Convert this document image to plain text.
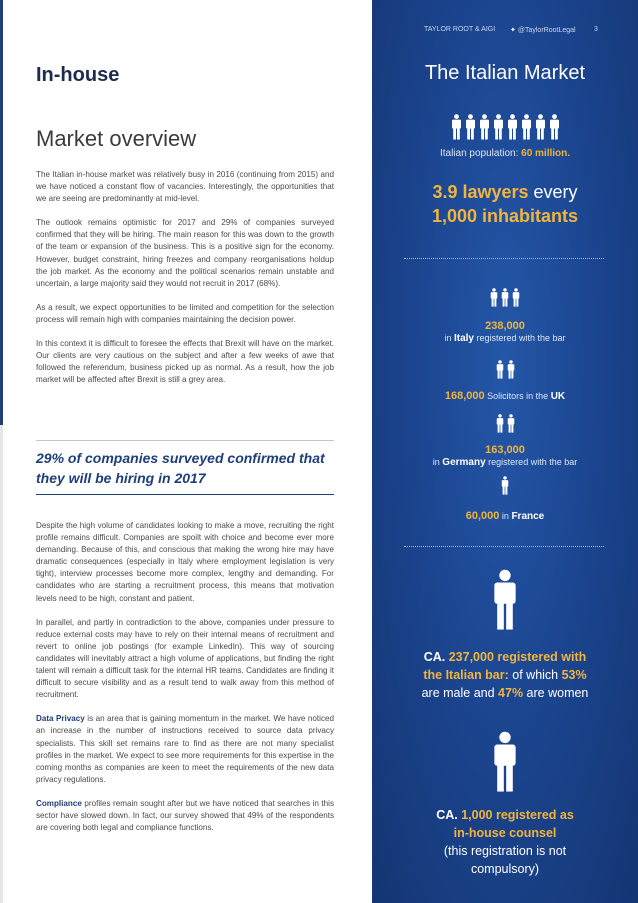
In-house
Market overview

The Italian in-house market was relatively busy in 2016 (continuing from 2015) and we have noticed a constant flow of vacancies. Interestingly, the opportunities that we are seeing are predominantly at mid-level.

The outlook remains optimistic for 2017 and 29% of companies surveyed confirmed that they will be hiring. The main reason for this was down to the growth of the team or expansion of the business. This is a positive sign for the economy. However, budget constraint, hiring freezes and company reorganisations holdup the job market. As the economy and the political scenarios remain unstable and uncertain, a large majority said they would not recruit in 2017 (68%).

As a result, we expect opportunities to be limited and competition for the selection process will remain high with companies maintaining the decision power.

In this context it is difficult to foresee the effects that Brexit will have on the market. Our clients are very cautious on the subject and after a few weeks of awe that followed the referendum, business picked up as normal. As a result, how the job market will be affected after Brexit is still a grey area.

29% of companies surveyed confirmed that they will be hiring in 2017

Despite the high volume of candidates looking to make a move, recruiting the right profile remains difficult. Companies are spoilt with choice and become ever more demanding. Because of this, and conscious that making the wrong hire may have dramatic consequences (especially in Italy where employment legislation is very tight), interview processes become more complex, lengthy and demanding. For candidates who are starting a recruitment process, this means that motivation levels need to be high, constant and patient.

In parallel, and partly in contradiction to the above, companies under pressure to reduce external costs may have to rely on their internal means of recruitment and revert to online job postings (for example LinkedIn). This way of sourcing candidates will inevitably attract a high volume of applications, but finding the right talent will remain a difficult task for the internal HR teams. Candidates are finding it difficult to secure visibility and as a result tend to walk away from this method of recruitment.

Data Privacy is an area that is gaining momentum in the market. We have noticed an increase in the number of instructions received to source data privacy specialists. This skill set remains rare to find as there are not many specialist profiles in the market. We expect to see more requirements for this expertise in the coming months as companies are keen to meet the requirements of the new data privacy regulations.

Compliance profiles remain sought after but we have noticed that searches in this sector have slowed down. In fact, our survey showed that 49% of the respondents are covering both legal and compliance functions.

TAYLOR ROOT & AIGI ✦ @TaylorRootLegal	3
The Italian Market
Italian population: 60 million.
3.9 lawyers every
1,000 inhabitants
238,000
in Italy registered with the bar
168,000 Solicitors in the UK
163,000
in Germany registered with the bar
60,000 in France
CA. 237,000 registered with
the Italian bar: of which 53%
are male and 47% are women
CA. 1,000 registered as
in-house counsel
(this registration is not
compulsory)
